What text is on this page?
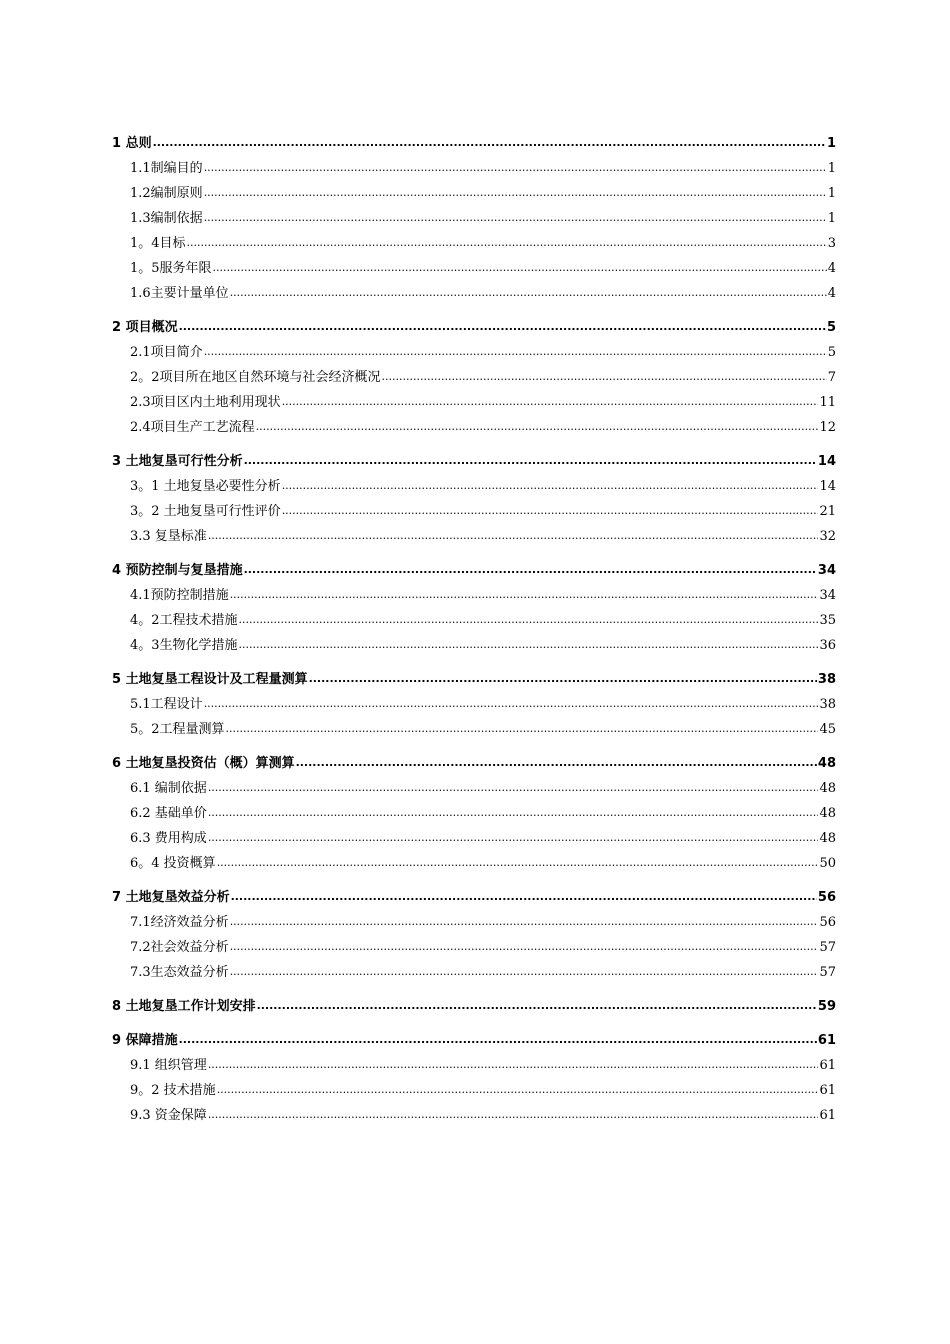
1 总则 .....	1
1.1制编目的 .....	1
1.2编制原则 .....	1
1.3编制依据 .....	1
1。4目标 .....	3
1。5服务年限 .....	4
1.6主要计量单位 .....	4
2 项目概况 .....	5
2.1项目简介 .....	5
2。2项目所在地区自然环境与社会经济概况 .....	7
2.3项目区内土地利用现状 .....	11
2.4项目生产工艺流程 .....	12
3 土地复垦可行性分析 .....	14
3。1 土地复垦必要性分析 .....	14
3。2 土地复垦可行性评价 .....	21
3.3 复垦标准 .....	32
4 预防控制与复垦措施 .....	34
4.1预防控制措施 .....	34
4。2工程技术措施 .....	35
4。3生物化学措施 .....	36
5 土地复垦工程设计及工程量测算 .....	38
5.1工程设计 .....	38
5。2工程量测算 .....	45
6 土地复垦投资估（概）算测算 .....	48
6.1 编制依据 .....	48
6.2 基础单价 .....	48
6.3 费用构成 .....	48
6。4 投资概算 .....	50
7 土地复垦效益分析 .....	56
7.1经济效益分析 .....	56
7.2社会效益分析 .....	57
7.3生态效益分析 .....	57
8 土地复垦工作计划安排 .....	59
9 保障措施 .....	61
9.1 组织管理 .....	61
9。2 技术措施 .....	61
9.3 资金保障 .....	61
